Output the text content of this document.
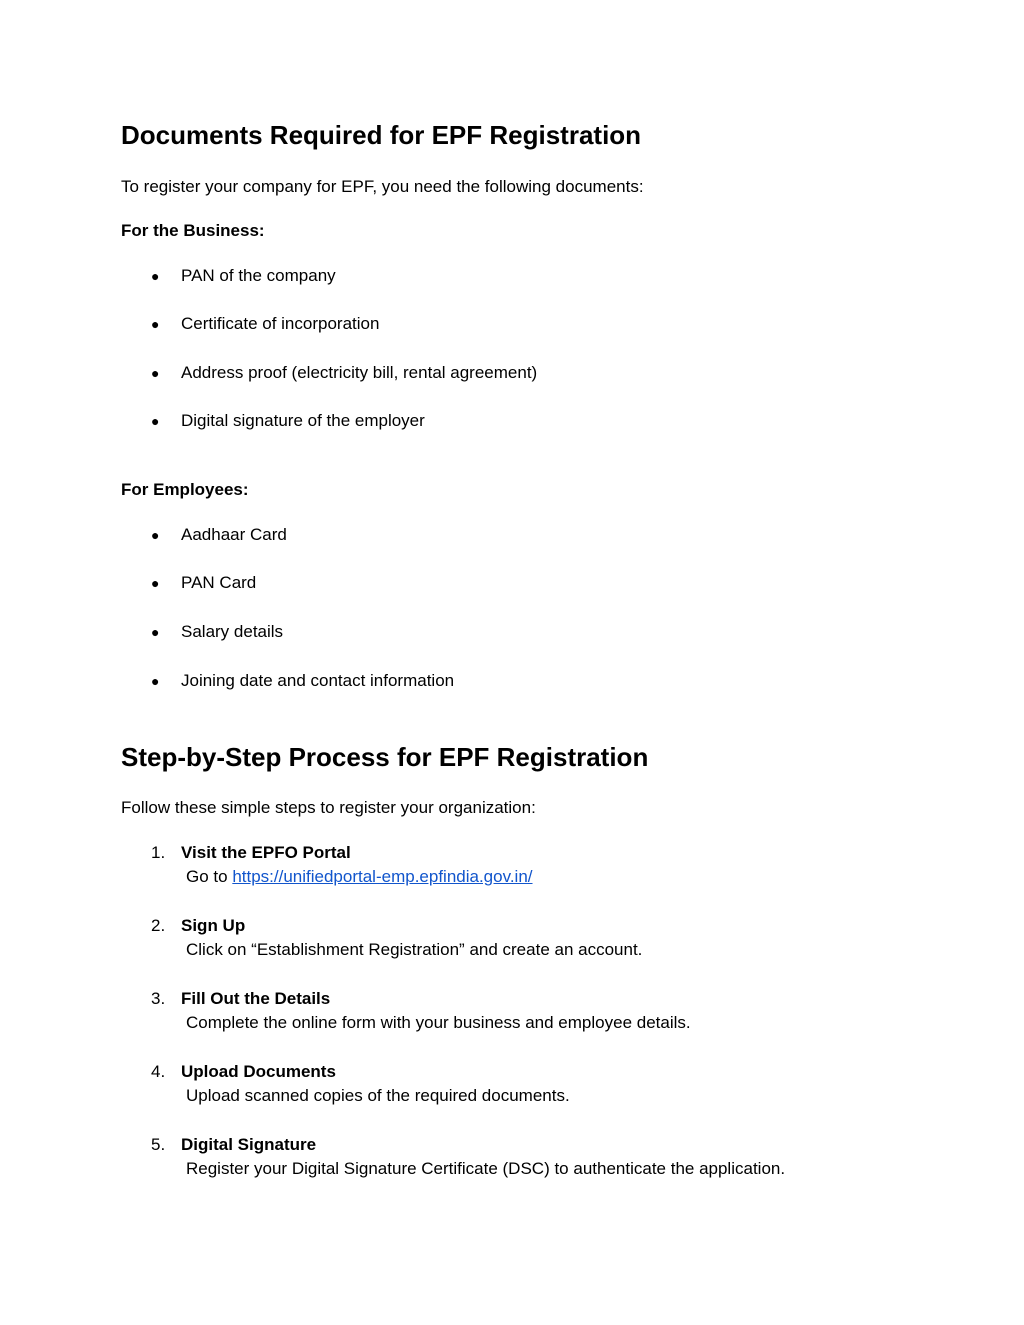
Documents Required for EPF Registration
To register your company for EPF, you need the following documents:
For the Business:
● PAN of the company
● Certificate of incorporation
● Address proof (electricity bill, rental agreement)
● Digital signature of the employer
For Employees:
● Aadhaar Card
● PAN Card
● Salary details
● Joining date and contact information
Step-by-Step Process for EPF Registration
Follow these simple steps to register your organization:
1. Visit the EPFO Portal
Go to https://unifiedportal-emp.epfindia.gov.in/
2. Sign Up
Click on “Establishment Registration” and create an account.
3. Fill Out the Details
Complete the online form with your business and employee details.
4. Upload Documents
Upload scanned copies of the required documents.
5. Digital Signature
Register your Digital Signature Certificate (DSC) to authenticate the application.
